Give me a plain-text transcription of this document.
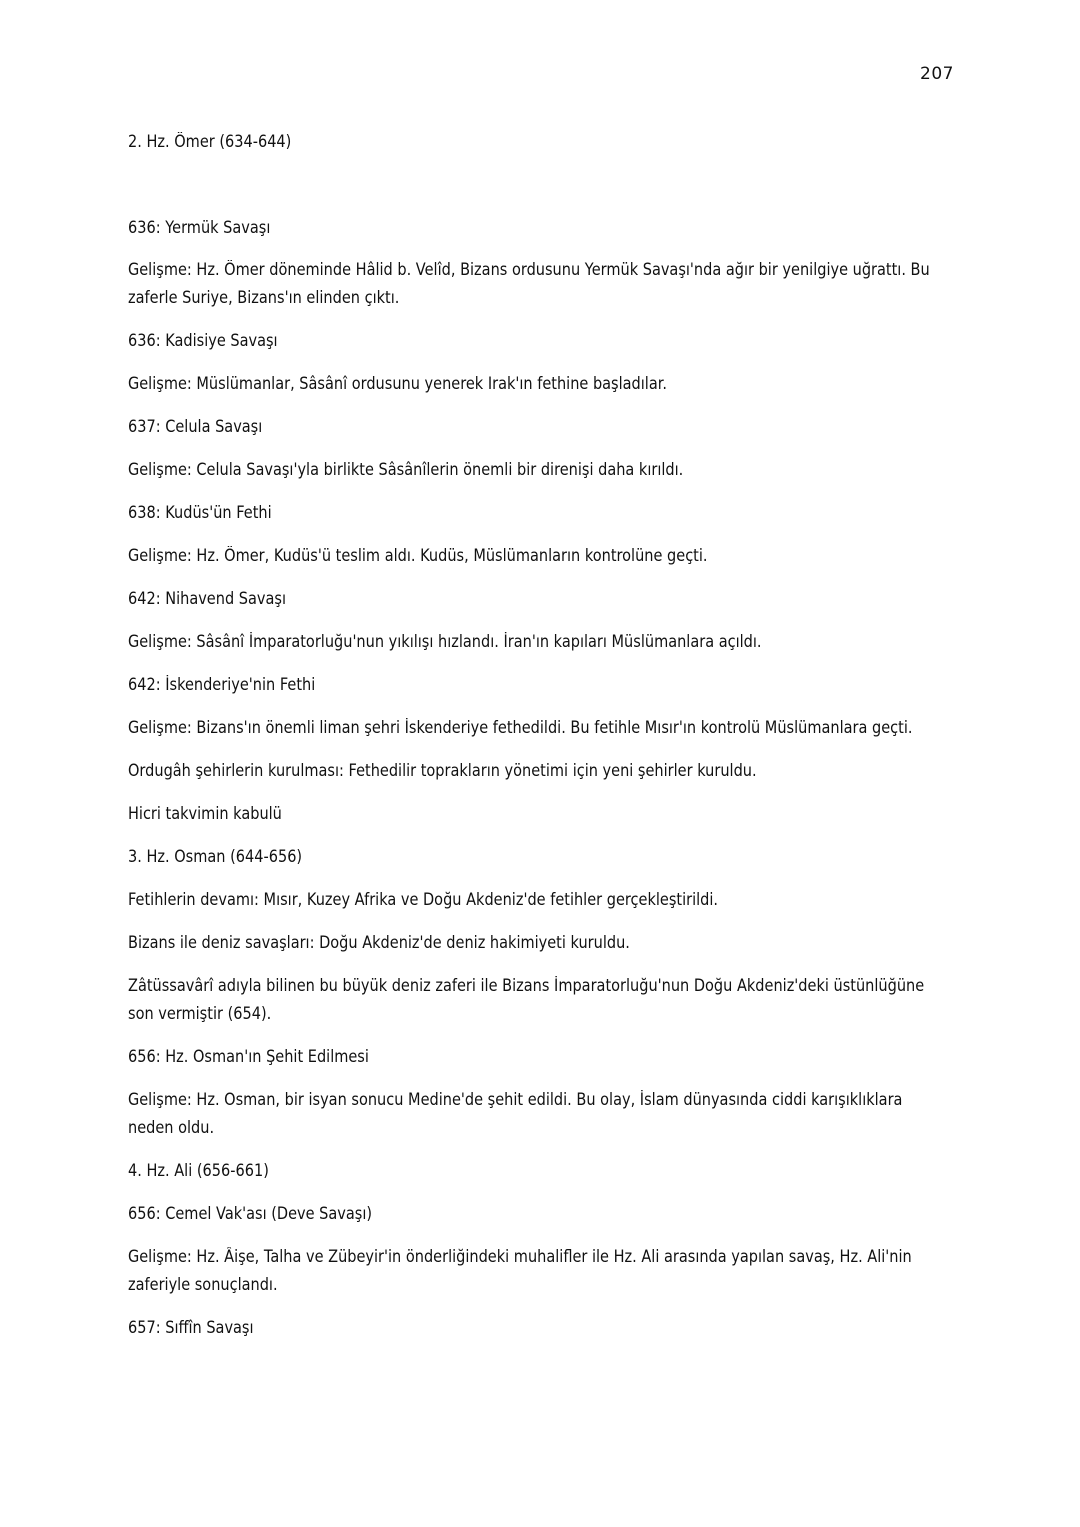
207

2. Hz. Ömer (634-644)

636: Yermük Savaşı

Gelişme: Hz. Ömer döneminde Hâlid b. Velîd, Bizans ordusunu Yermük Savaşı'nda ağır bir yenilgiye uğrattı. Bu zaferle Suriye, Bizans'ın elinden çıktı.

636: Kadisiye Savaşı

Gelişme: Müslümanlar, Sâsânî ordusunu yenerek Irak'ın fethine başladılar.

637: Celula Savaşı

Gelişme: Celula Savaşı'yla birlikte Sâsânîlerin önemli bir direnişi daha kırıldı.

638: Kudüs'ün Fethi

Gelişme: Hz. Ömer, Kudüs'ü teslim aldı. Kudüs, Müslümanların kontrolüne geçti.

642: Nihavend Savaşı

Gelişme: Sâsânî İmparatorluğu'nun yıkılışı hızlandı. İran'ın kapıları Müslümanlara açıldı.

642: İskenderiye'nin Fethi

Gelişme: Bizans'ın önemli liman şehri İskenderiye fethedildi. Bu fetihle Mısır'ın kontrolü Müslümanlara geçti.

Ordugâh şehirlerin kurulması: Fethedilir toprakların yönetimi için yeni şehirler kuruldu.

Hicri takvimin kabulü

3. Hz. Osman (644-656)

Fetihlerin devamı: Mısır, Kuzey Afrika ve Doğu Akdeniz'de fetihler gerçekleştirildi.

Bizans ile deniz savaşları: Doğu Akdeniz'de deniz hakimiyeti kuruldu.

Zâtüssavârî adıyla bilinen bu büyük deniz zaferi ile Bizans İmparatorluğu'nun Doğu Akdeniz'deki üstünlüğüne son vermiştir (654).

656: Hz. Osman'ın Şehit Edilmesi

Gelişme: Hz. Osman, bir isyan sonucu Medine'de şehit edildi. Bu olay, İslam dünyasında ciddi karışıklıklara neden oldu.

4. Hz. Ali (656-661)

656: Cemel Vak'ası (Deve Savaşı)

Gelişme: Hz. Âişe, Talha ve Zübeyir'in önderliğindeki muhalifler ile Hz. Ali arasında yapılan savaş, Hz. Ali'nin zaferiyle sonuçlandı.

657: Sıffîn Savaşı
